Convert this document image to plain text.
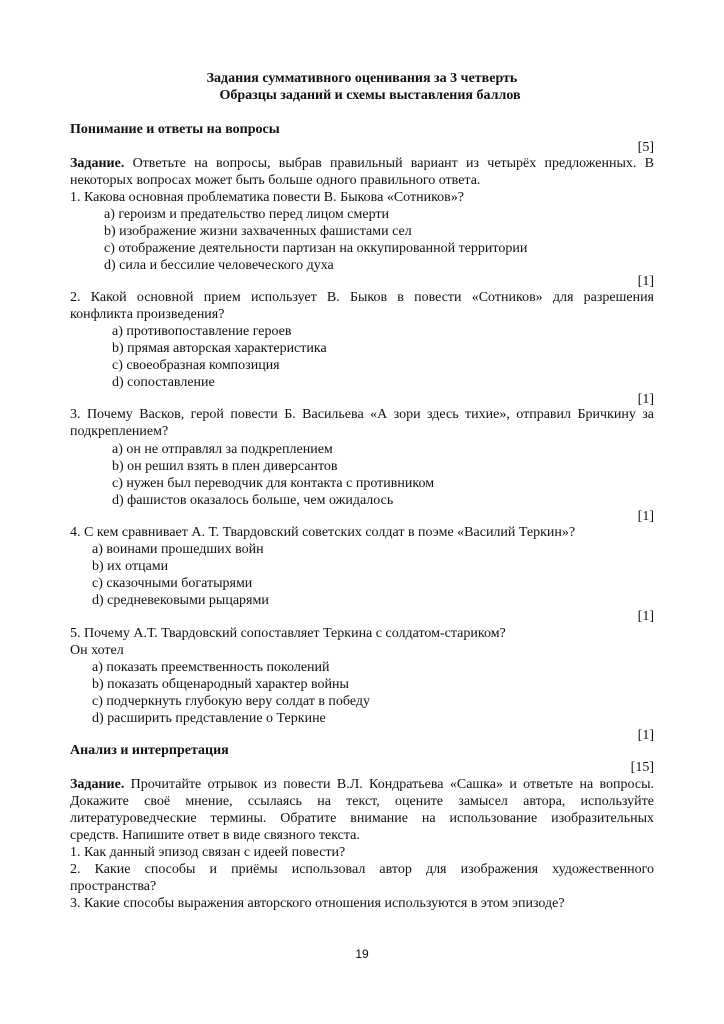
Задания суммативного оценивания за 3 четверть
Образцы заданий и схемы выставления баллов
Понимание и ответы на вопросы
[5]
Задание. Ответьте на вопросы, выбрав правильный вариант из четырёх предложенных. В
некоторых вопросах может быть больше одного правильного ответа.
1. Какова основная проблематика повести В. Быкова «Сотников»?
a) героизм и предательство перед лицом смерти
b) изображение жизни захваченных фашистами сел
c) отображение деятельности партизан на оккупированной территории
d) сила и бессилие человеческого духа
[1]
2. Какой основной прием использует В. Быков в повести «Сотников» для разрешения
конфликта произведения?
a) противопоставление героев
b) прямая авторская характеристика
c) своеобразная композиция
d) сопоставление
[1]
3. Почему Васков, герой повести Б. Васильева «А зори здесь тихие», отправил Бричкину за
подкреплением?
a) он не отправлял за подкреплением
b) он решил взять в плен диверсантов
c) нужен был переводчик для контакта с противником
d) фашистов оказалось больше, чем ожидалось
[1]
4. С кем сравнивает А. Т. Твардовский советских солдат в поэме «Василий Теркин»?
a) воинами прошедших войн
b) их отцами
c) сказочными богатырями
d) средневековыми рыцарями
[1]
5. Почему А.Т. Твардовский сопоставляет Теркина с солдатом-стариком?
Он хотел
a) показать преемственность поколений
b) показать общенародный характер войны
c) подчеркнуть глубокую веру солдат в победу
d) расширить представление о Теркине
[1]
Анализ и интерпретация
[15]
Задание. Прочитайте отрывок из повести В.Л. Кондратьева «Сашка» и ответьте на вопросы.
Докажите своё мнение, ссылаясь на текст, оцените замысел автора, используйте
литературоведческие термины. Обратите внимание на использование изобразительных
средств. Напишите ответ в виде связного текста.
1. Как данный эпизод связан с идеей повести?
2. Какие способы и приёмы использовал автор для изображения художественного
пространства?
3. Какие способы выражения авторского отношения используются в этом эпизоде?
19
